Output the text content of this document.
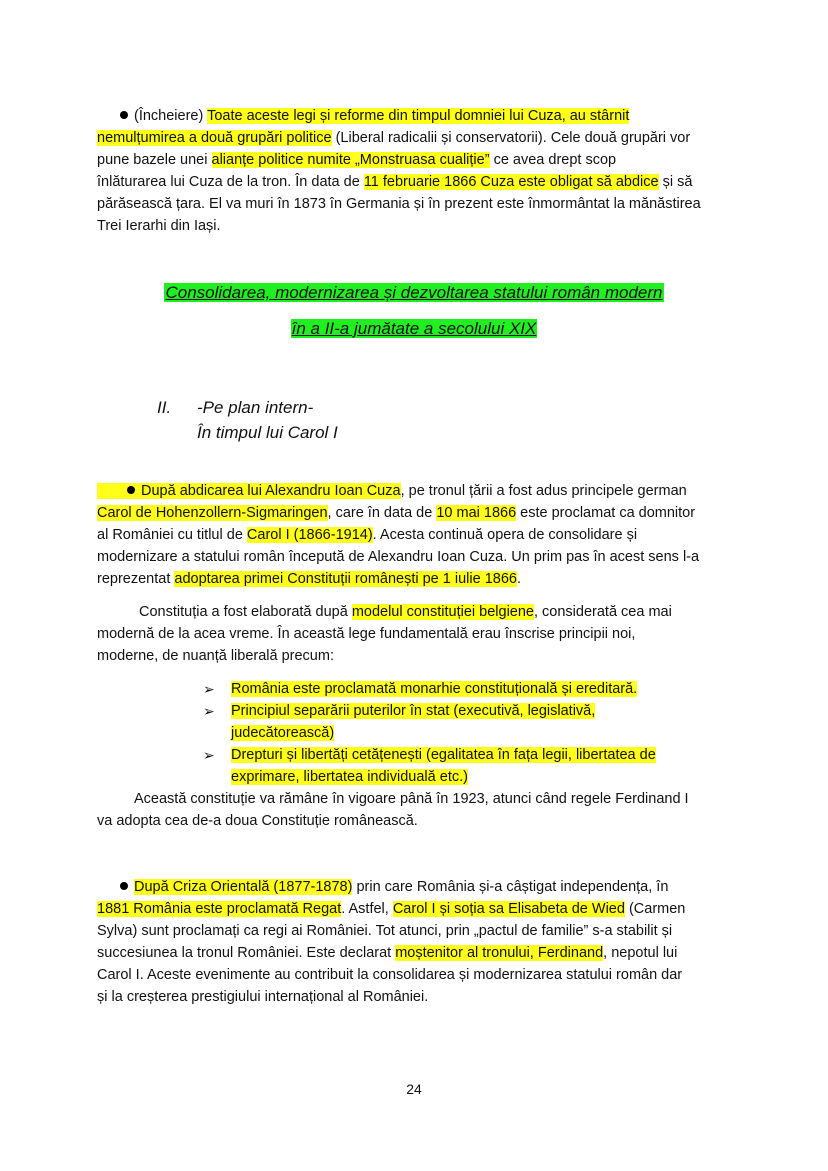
(Încheiere) Toate aceste legi și reforme din timpul domniei lui Cuza, au stârnit
nemulțumirea a două grupări politice (Liberal radicalii și conservatorii). Cele două grupări vor
pune bazele unei alianțe politice numite „Monstruasa cualiție” ce avea drept scop
înlăturarea lui Cuza de la tron. În data de 11 februarie 1866 Cuza este obligat să abdice și să
părăsească țara. El va muri în 1873 în Germania și în prezent este înmormântat la mănăstirea
Trei Ierarhi din Iași.
Consolidarea, modernizarea și dezvoltarea statului român modern
în a II-a jumătate a secolului XIX
II. -Pe plan intern-
În timpul lui Carol I
După abdicarea lui Alexandru Ioan Cuza, pe tronul țării a fost adus principele german
Carol de Hohenzollern-Sigmaringen, care în data de 10 mai 1866 este proclamat ca domnitor
al României cu titlul de Carol I (1866-1914). Acesta continuă opera de consolidare și
modernizare a statului român începută de Alexandru Ioan Cuza. Un prim pas în acest sens l-a
reprezentat adoptarea primei Constituții românești pe 1 iulie 1866.
Constituția a fost elaborată după modelul constituției belgiene, considerată cea mai
modernă de la acea vreme. În această lege fundamentală erau înscrise principii noi,
moderne, de nuanță liberală precum:
➢ România este proclamată monarhie constituțională și ereditară.
➢ Principiul separării puterilor în stat (executivă, legislativă,
judecătorească)
➢ Drepturi și libertăți cetățenești (egalitatea în fața legii, libertatea de
exprimare, libertatea individuală etc.)
Această constituție va rămâne în vigoare până în 1923, atunci când regele Ferdinand I
va adopta cea de-a doua Constituție românească.
După Criza Orientală (1877-1878) prin care România și-a câștigat independența, în
1881 România este proclamată Regat. Astfel, Carol I și soția sa Elisabeta de Wied (Carmen
Sylva) sunt proclamați ca regi ai României. Tot atunci, prin „pactul de familie” s-a stabilit și
succesiunea la tronul României. Este declarat moștenitor al tronului, Ferdinand, nepotul lui
Carol I. Aceste evenimente au contribuit la consolidarea și modernizarea statului român dar
și la creșterea prestigiului internațional al României.
24
